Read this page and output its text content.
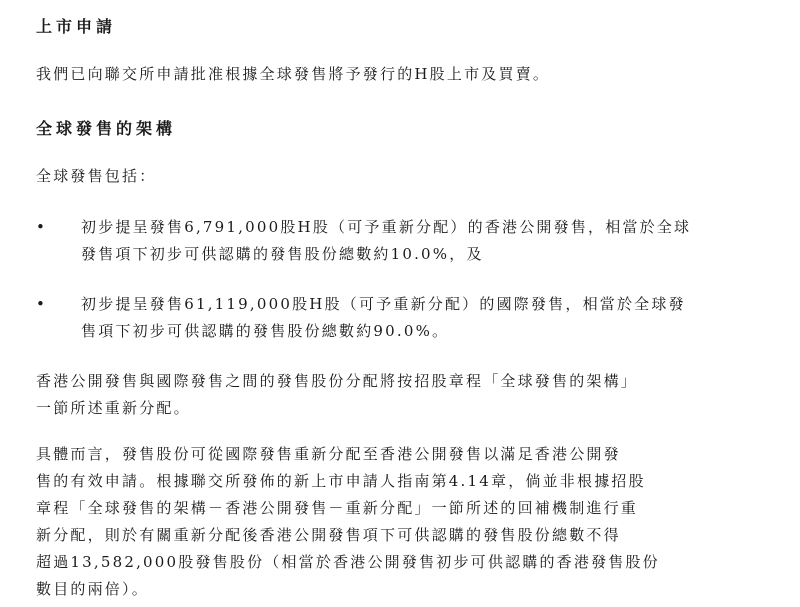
上市申請
我們已向聯交所申請批准根據全球發售將予發行的H股上市及買賣。
全球發售的架構
全球發售包括：
• 初步提呈發售6,791,000股H股（可予重新分配）的香港公開發售，相當於全球
發售項下初步可供認購的發售股份總數約10.0%，及
• 初步提呈發售61,119,000股H股（可予重新分配）的國際發售，相當於全球發
售項下初步可供認購的發售股份總數約90.0%。
香港公開發售與國際發售之間的發售股份分配將按招股章程「全球發售的架構」
一節所述重新分配。
具體而言，發售股份可從國際發售重新分配至香港公開發售以滿足香港公開發
售的有效申請。根據聯交所發佈的新上市申請人指南第4.14章，倘並非根據招股
章程「全球發售的架構－香港公開發售－重新分配」一節所述的回補機制進行重
新分配，則於有關重新分配後香港公開發售項下可供認購的發售股份總數不得
超過13,582,000股發售股份（相當於香港公開發售初步可供認購的香港發售股份
數目的兩倍）。
